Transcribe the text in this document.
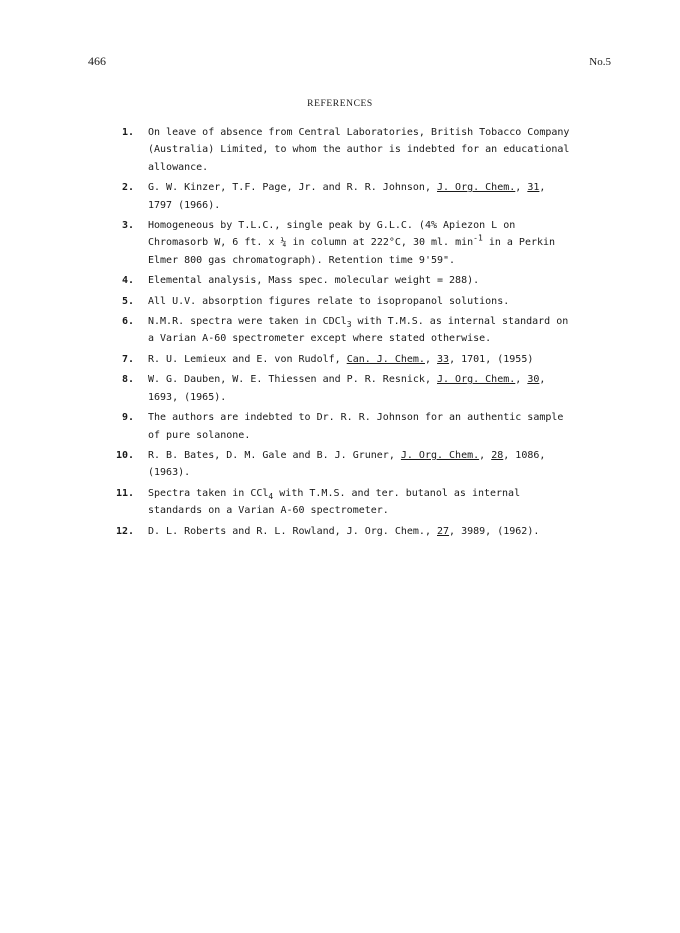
466	No.5
REFERENCES
1. On leave of absence from Central Laboratories, British Tobacco Company (Australia) Limited, to whom the author is indebted for an educational allowance.
2. G. W. Kinzer, T.F. Page, Jr. and R. R. Johnson, J. Org. Chem., 31, 1797 (1966).
3. Homogeneous by T.L.C., single peak by G.L.C. (4% Apiezon L on Chromasorb W, 6 ft. x ¼ in column at 222°C, 30 ml. $\min^{-1}$ in a Perkin Elmer 800 gas chromatograph). Retention time 9'59".
4. Elemental analysis, Mass spec. molecular weight = 288).
5. All U.V. absorption figures relate to isopropanol solutions.
6. N.M.R. spectra were taken in CDCl$_3$ with T.M.S. as internal standard on a Varian A-60 spectrometer except where stated otherwise.
7. R. U. Lemieux and E. von Rudolf, Can. J. Chem., 33, 1701, (1955)
8. W. G. Dauben, W. E. Thiessen and P. R. Resnick, J. Org. Chem., 30, 1693, (1965).
9. The authors are indebted to Dr. R. R. Johnson for an authentic sample of pure solanone.
10. R. B. Bates, D. M. Gale and B. J. Gruner, J. Org. Chem., 28, 1086, (1963).
11. Spectra taken in CCl$_4$ with T.M.S. and ter. butanol as internal standards on a Varian A-60 spectrometer.
12. D. L. Roberts and R. L. Rowland, J. Org. Chem., 27, 3989, (1962).
